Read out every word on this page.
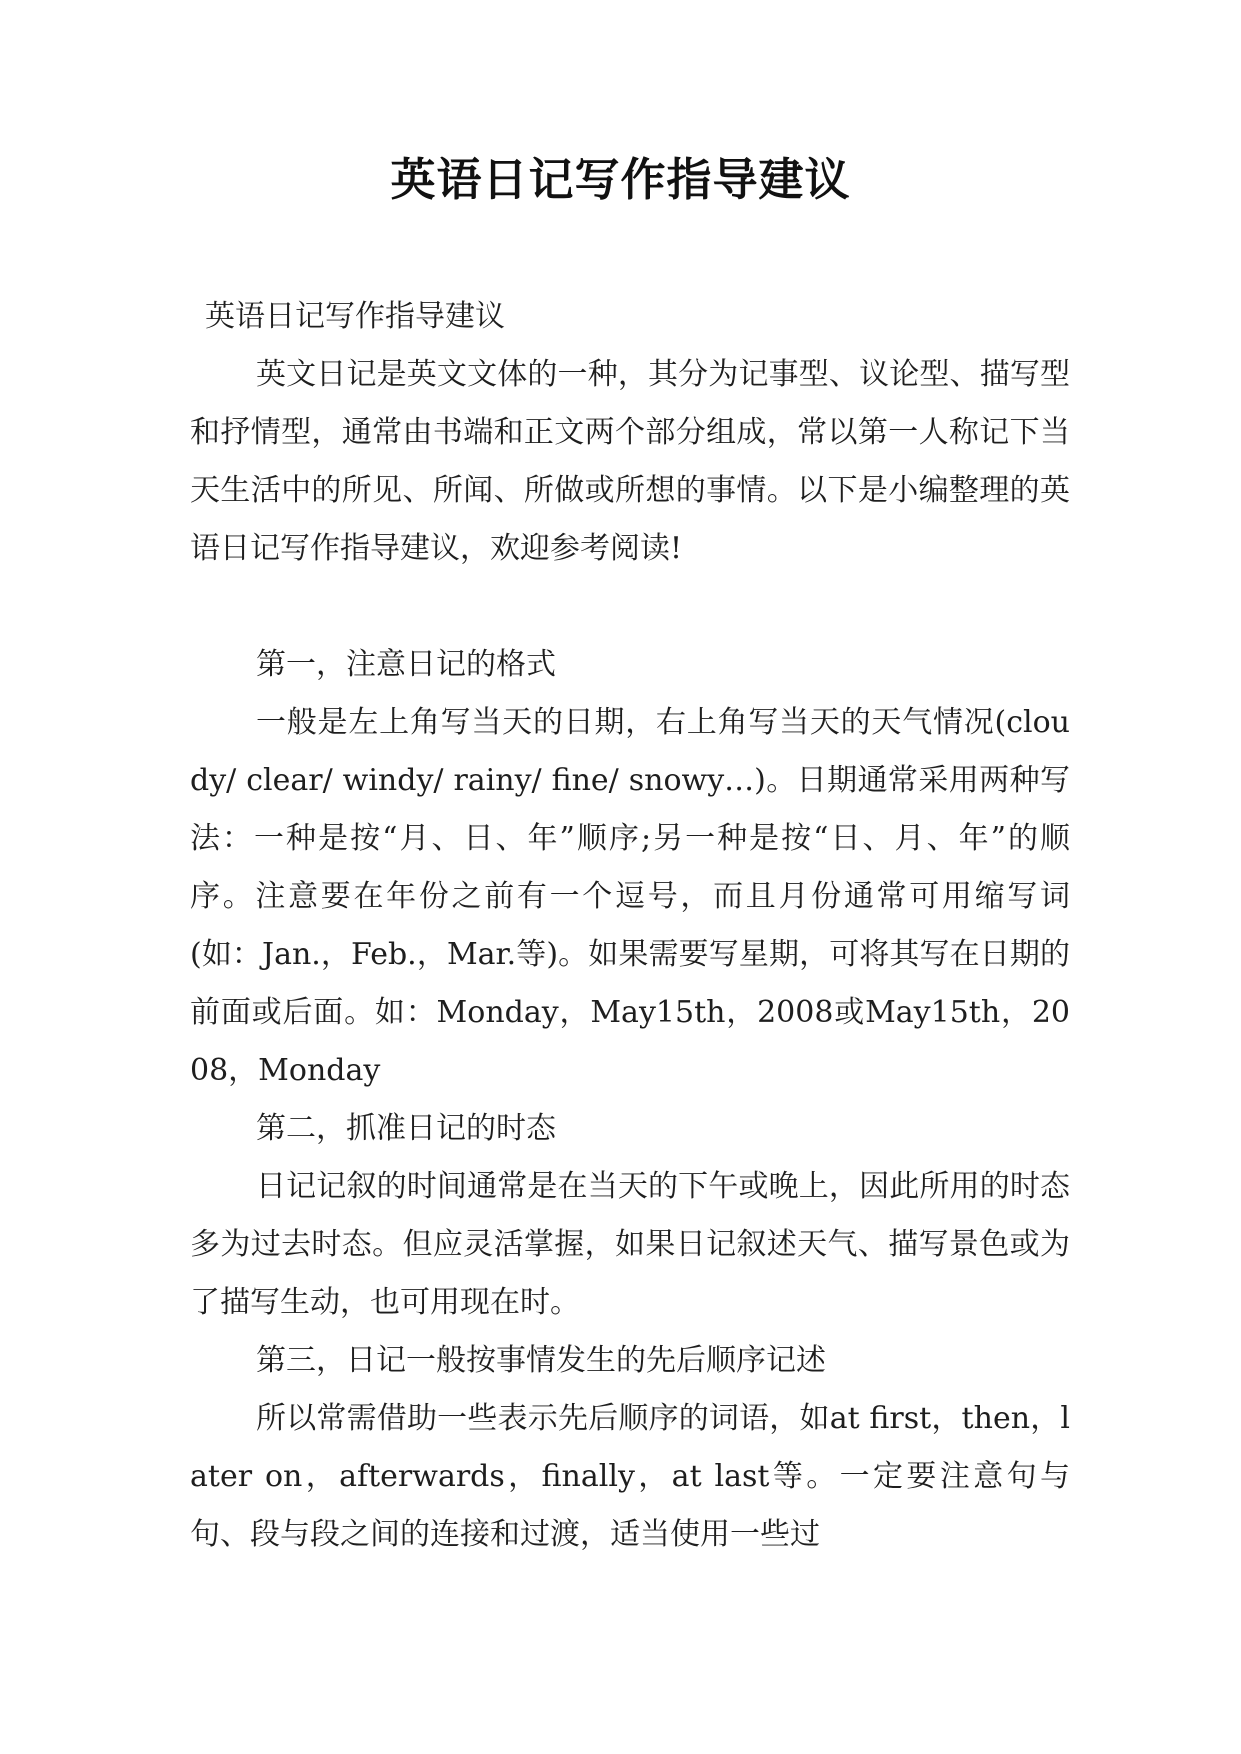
英语日记写作指导建议

英语日记写作指导建议

英文日记是英文文体的一种，其分为记事型、议论型、描写型和抒情型，通常由书端和正文两个部分组成，常以第一人称记下当天生活中的所见、所闻、所做或所想的事情。以下是小编整理的英语日记写作指导建议，欢迎参考阅读!

第一，注意日记的格式

一般是左上角写当天的日期，右上角写当天的天气情况(cloudy/ clear/ windy/ rainy/ fine/ snowy…)。日期通常采用两种写法：一种是按“月、日、年”顺序;另一种是按“日、月、年”的顺序。注意要在年份之前有一个逗号，而且月份通常可用缩写词(如：Jan.，Feb.，Mar.等)。如果需要写星期，可将其写在日期的前面或后面。如：Monday，May15th，2008或May15th，2008，Monday

第二，抓准日记的时态

日记记叙的时间通常是在当天的下午或晚上，因此所用的时态多为过去时态。但应灵活掌握，如果日记叙述天气、描写景色或为了描写生动，也可用现在时。

第三，日记一般按事情发生的先后顺序记述

所以常需借助一些表示先后顺序的词语，如at first，then，later on，afterwards，finally，at last等。一定要注意句与句、段与段之间的连接和过渡，适当使用一些过
